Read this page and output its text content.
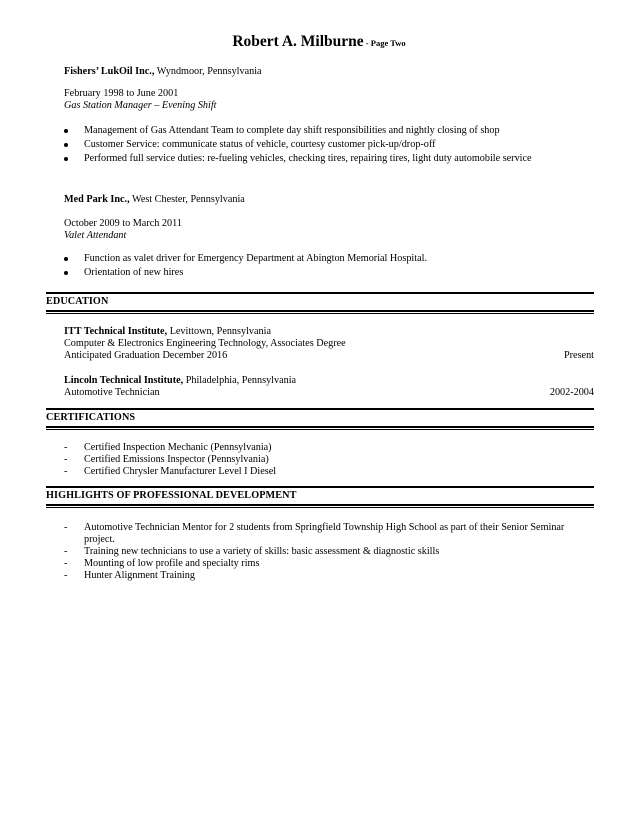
Robert A. Milburne - Page Two

Fishers’ LukOil Inc., Wyndmoor, Pennsylvania

February 1998 to June 2001

Gas Station Manager – Evening Shift

Management of Gas Attendant Team to complete day shift responsibilities and nightly closing of shop
Customer Service: communicate status of vehicle, courtesy customer pick-up/drop-off
Performed full service duties: re-fueling vehicles, checking tires, repairing tires, light duty automobile service

Med Park Inc., West Chester, Pennsylvania

October 2009 to March 2011

Valet Attendant

Function as valet driver for Emergency Department at Abington Memorial Hospital.
Orientation of new hires
EDUCATION

ITT Technical Institute, Levittown, Pennsylvania

Computer & Electronics Engineering Technology, Associates Degree

Anticipated Graduation December 2016	Present

Lincoln Technical Institute, Philadelphia, Pennsylvania

Automotive Technician	2002-2004
CERTIFICATIONS
- Certified Inspection Mechanic (Pennsylvania)
- Certified Emissions Inspector (Pennsylvania)
- Certified Chrysler Manufacturer Level I Diesel
HIGHLIGHTS OF PROFESSIONAL DEVELOPMENT
- Automotive Technician Mentor for 2 students from Springfield Township High School as part of their Senior Seminar project.
- Training new technicians to use a variety of skills: basic assessment & diagnostic skills
- Mounting of low profile and specialty rims
- Hunter Alignment Training
